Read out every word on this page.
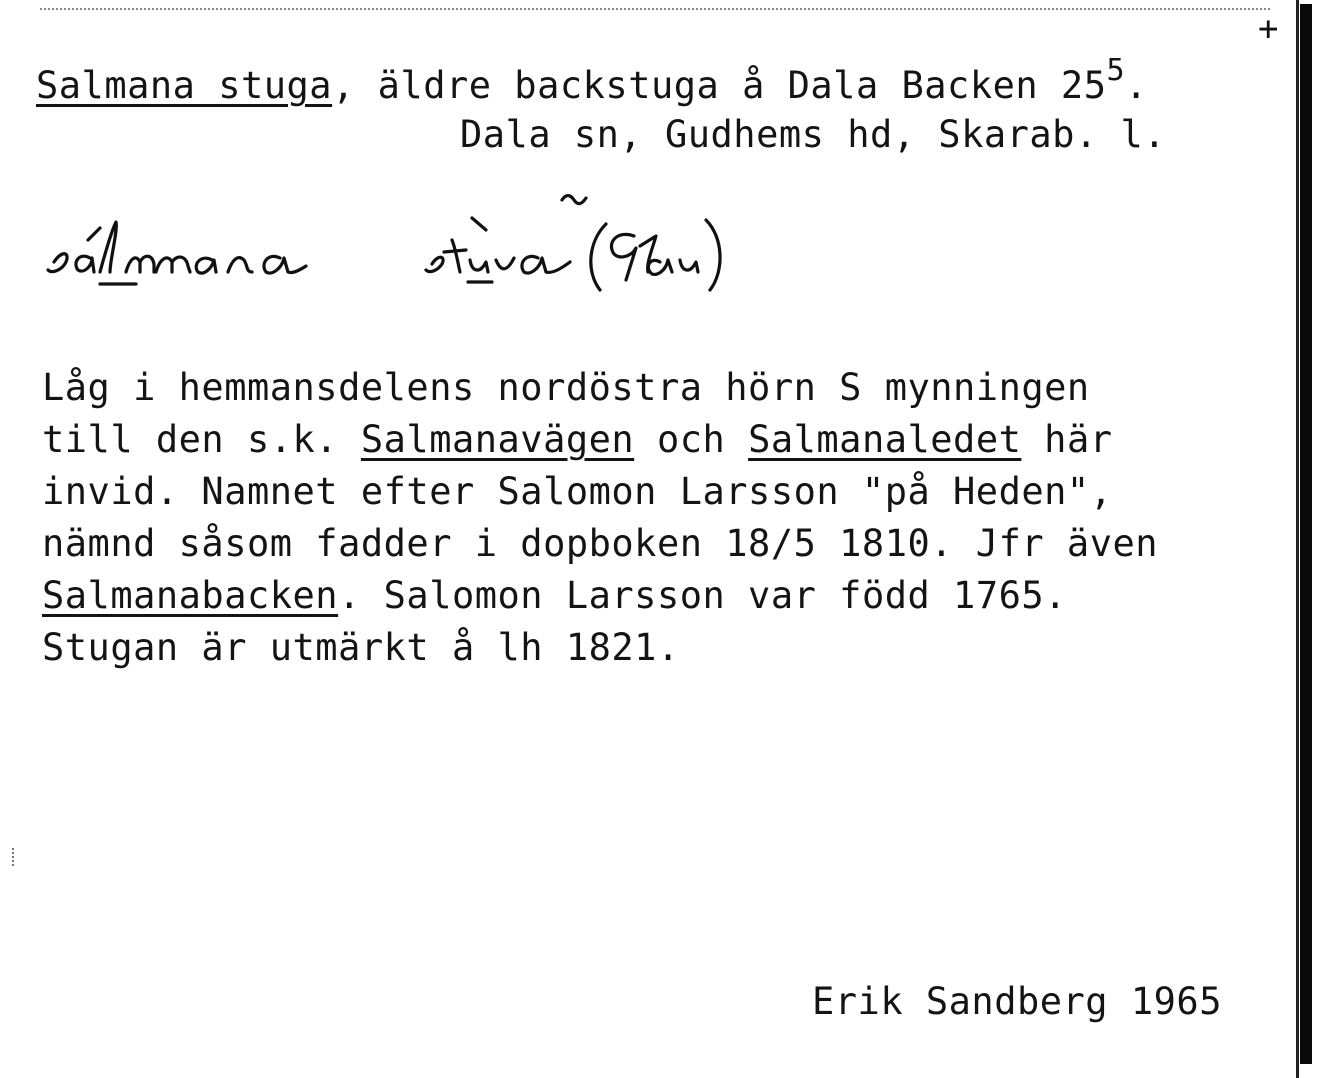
+
Salmana stuga, äldre backstuga å Dala Backen $25^5$.
Dala sn, Gudhems hd, Skarab. l.
Låg i hemmansdelens nordöstra hörn S mynningen
till den s.k. Salmanavägen och Salmanaledet här
invid. Namnet efter Salomon Larsson "på Heden",
nämnd såsom fadder i dopboken 18/5 1810. Jfr även
Salmanabacken. Salomon Larsson var född 1765.
Stugan är utmärkt å lh 1821.
Erik Sandberg 1965
